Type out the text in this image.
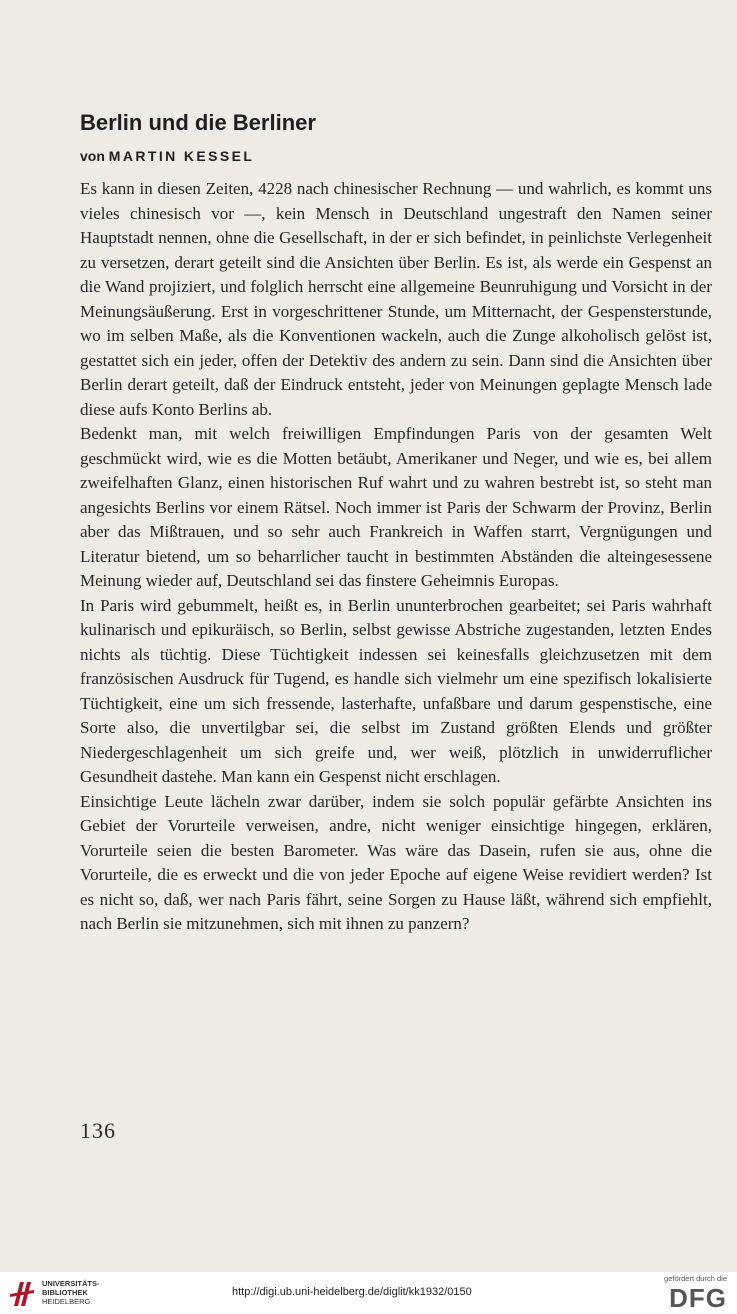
Berlin und die Berliner
von MARTIN KESSEL

Es kann in diesen Zeiten, 4228 nach chinesischer Rechnung — und wahrlich, es kommt uns vieles chinesisch vor —, kein Mensch in Deutschland ungestraft den Namen seiner Hauptstadt nennen, ohne die Gesellschaft, in der er sich befindet, in peinlichste Verlegenheit zu versetzen, derart geteilt sind die Ansichten über Berlin. Es ist, als werde ein Gespenst an die Wand projiziert, und folglich herrscht eine allgemeine Beunruhigung und Vorsicht in der Meinungsäußerung. Erst in vorgeschrittener Stunde, um Mitternacht, der Gespensterstunde, wo im selben Maße, als die Konventionen wackeln, auch die Zunge alkoholisch gelöst ist, gestattet sich ein jeder, offen der Detektiv des andern zu sein. Dann sind die Ansichten über Berlin derart geteilt, daß der Eindruck entsteht, jeder von Meinungen geplagte Mensch lade diese aufs Konto Berlins ab.

Bedenkt man, mit welch freiwilligen Empfindungen Paris von der gesamten Welt geschmückt wird, wie es die Motten betäubt, Amerikaner und Neger, und wie es, bei allem zweifelhaften Glanz, einen historischen Ruf wahrt und zu wahren bestrebt ist, so steht man angesichts Berlins vor einem Rätsel. Noch immer ist Paris der Schwarm der Provinz, Berlin aber das Mißtrauen, und so sehr auch Frankreich in Waffen starrt, Vergnügungen und Literatur bietend, um so beharrlicher taucht in bestimmten Abständen die alteingesessene Meinung wieder auf, Deutschland sei das finstere Geheimnis Europas.

In Paris wird gebummelt, heißt es, in Berlin ununterbrochen gearbeitet; sei Paris wahrhaft kulinarisch und epikuräisch, so Berlin, selbst gewisse Abstriche zugestanden, letzten Endes nichts als tüchtig. Diese Tüchtigkeit indessen sei keinesfalls gleichzusetzen mit dem französischen Ausdruck für Tugend, es handle sich vielmehr um eine spezifisch lokalisierte Tüchtigkeit, eine um sich fressende, lasterhafte, unfaßbare und darum gespenstische, eine Sorte also, die unvertilgbar sei, die selbst im Zustand größten Elends und größter Niedergeschlagenheit um sich greife und, wer weiß, plötzlich in unwiderruflicher Gesundheit dastehe. Man kann ein Gespenst nicht erschlagen.

Einsichtige Leute lächeln zwar darüber, indem sie solch populär gefärbte Ansichten ins Gebiet der Vorurteile verweisen, andre, nicht weniger einsichtige hingegen, erklären, Vorurteile seien die besten Barometer. Was wäre das Dasein, rufen sie aus, ohne die Vorurteile, die es erweckt und die von jeder Epoche auf eigene Weise revidiert werden? Ist es nicht so, daß, wer nach Paris fährt, seine Sorgen zu Hause läßt, während sich empfiehlt, nach Berlin sie mitzunehmen, sich mit ihnen zu panzern?

136
UNIVERSITÄTS-
BIBLIOTHEK
HEIDELBERG
http://digi.ub.uni-heidelberg.de/diglit/kk1932/0150
gefördert durch die
DFG
